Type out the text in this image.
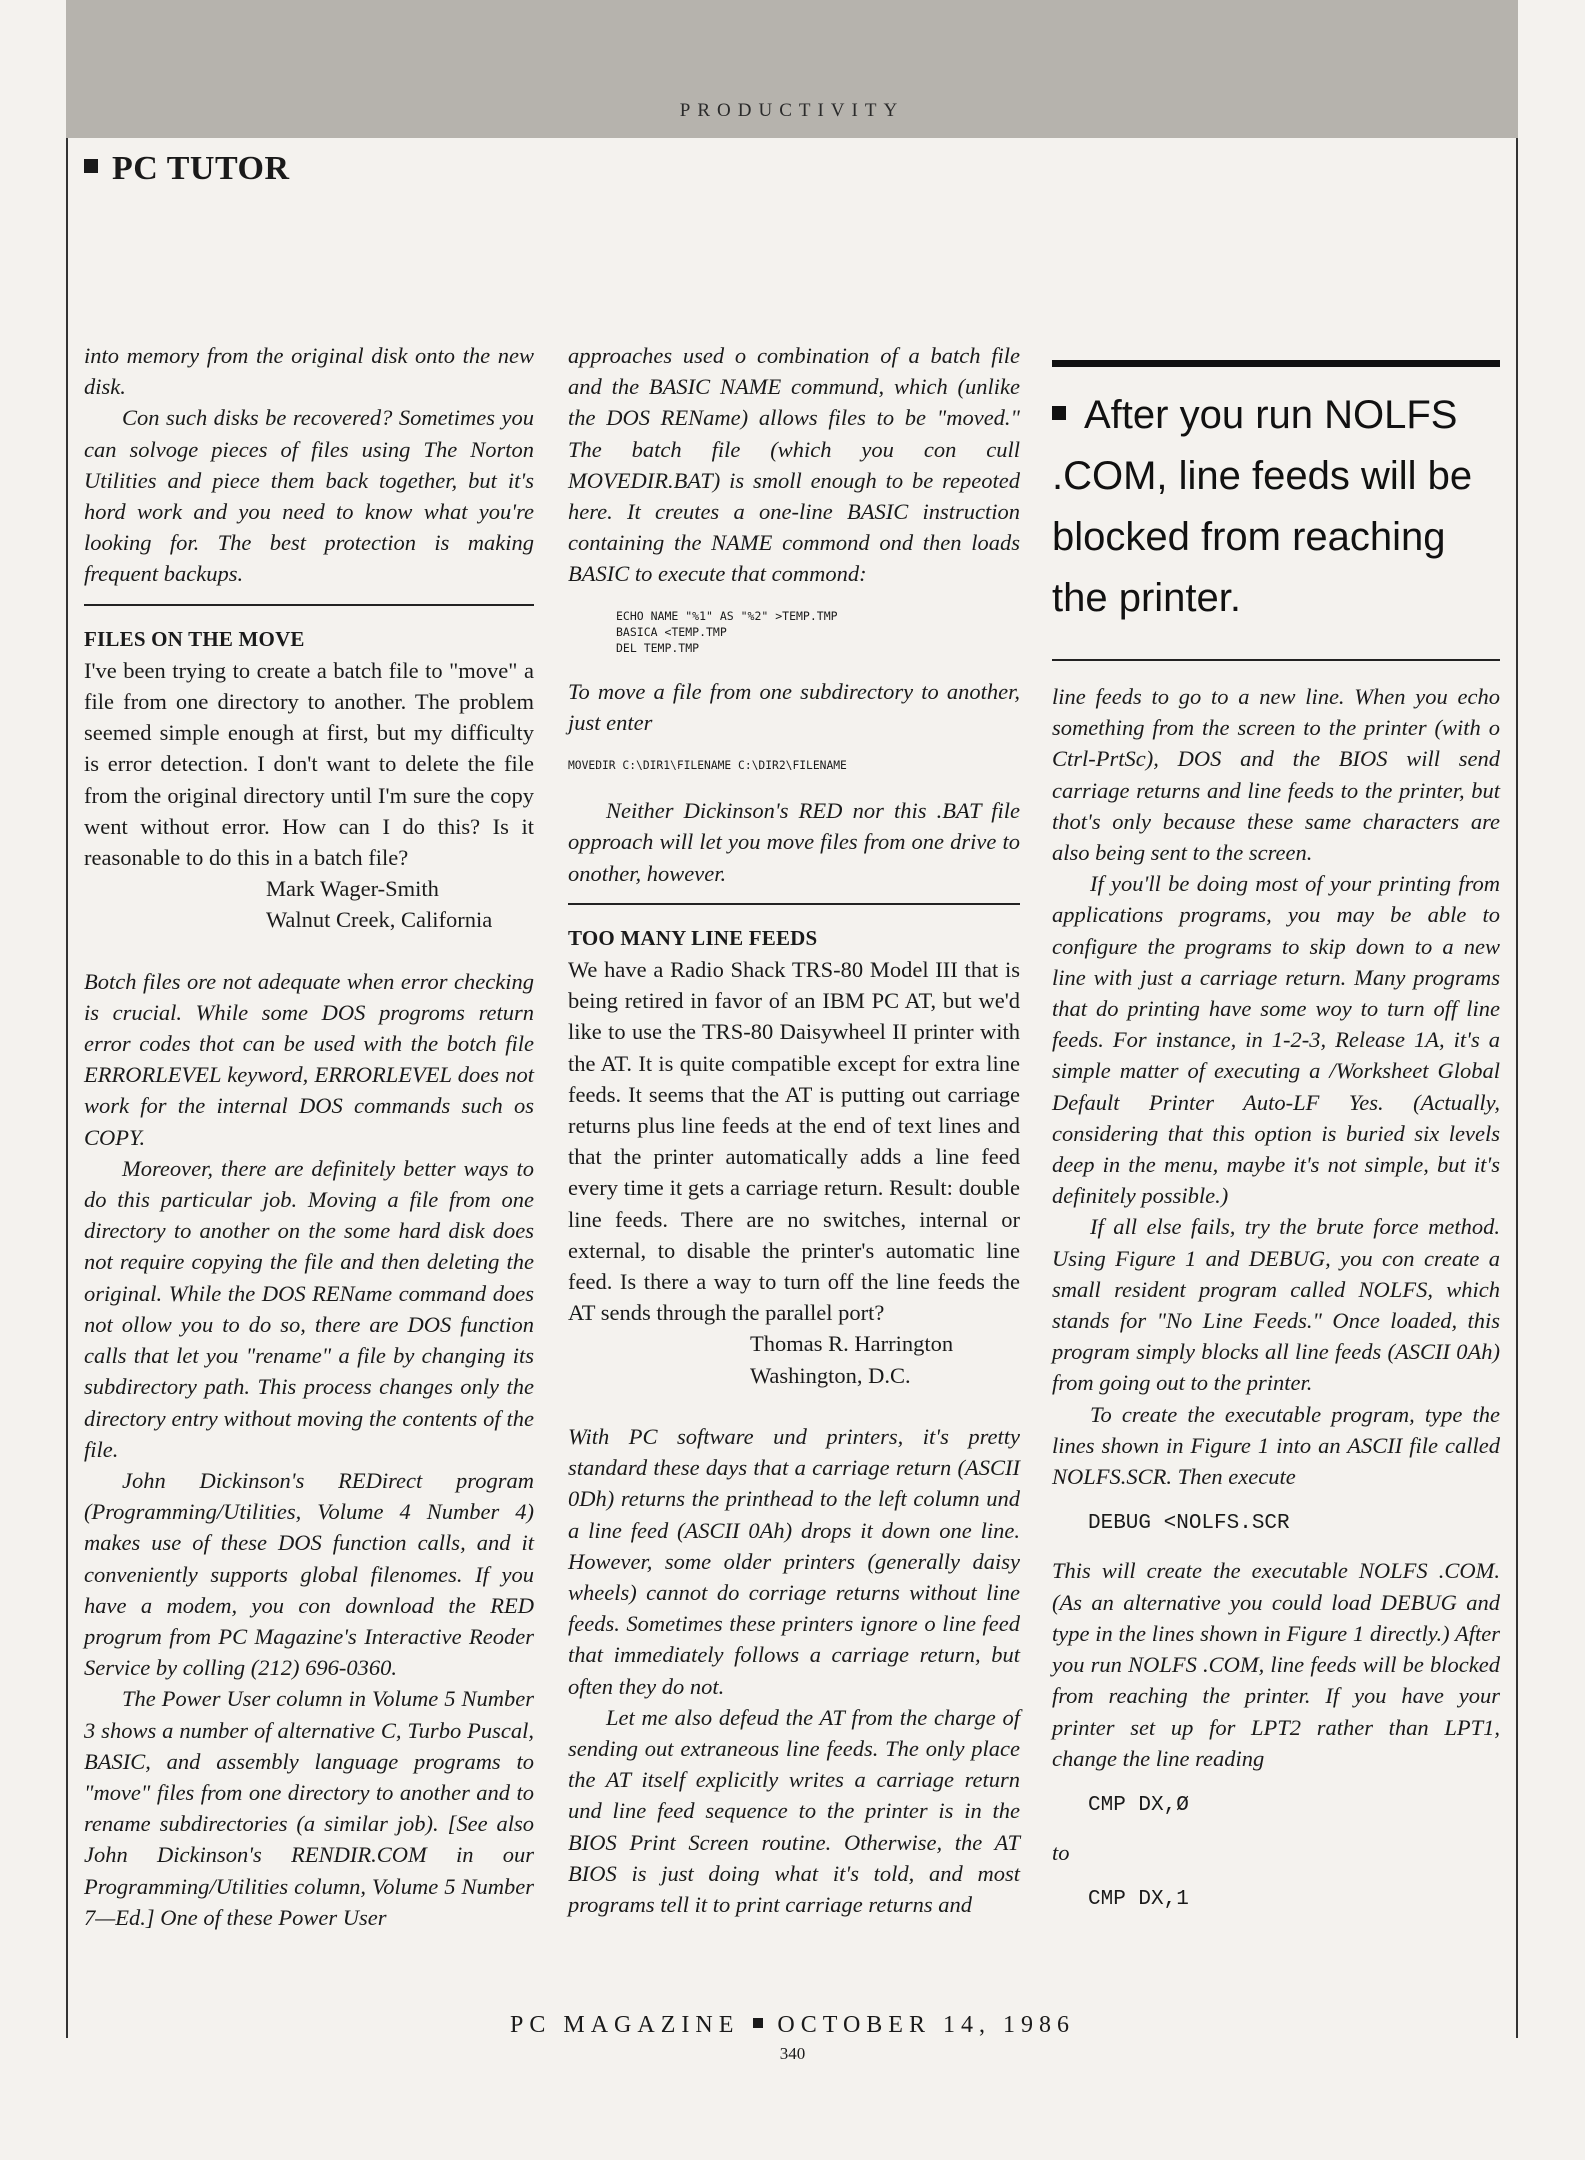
PRODUCTIVITY
PC TUTOR

into memory from the original disk onto the new disk.

Con such disks be recovered? Sometimes you can solvoge pieces of files using The Norton Utilities and piece them back together, but it's hord work and you need to know what you're looking for. The best protection is making frequent backups.

FILES ON THE MOVE

I've been trying to create a batch file to "move" a file from one directory to another. The problem seemed simple enough at first, but my difficulty is error detection. I don't want to delete the file from the original directory until I'm sure the copy went without error. How can I do this? Is it reasonable to do this in a batch file?

Mark Wager-Smith
Walnut Creek, California

Botch files ore not adequate when error checking is crucial. While some DOS progroms return error codes thot can be used with the botch file ERRORLEVEL keyword, ERRORLEVEL does not work for the internal DOS commands such os COPY.

Moreover, there are definitely better ways to do this particular job. Moving a file from one directory to another on the some hard disk does not require copying the file and then deleting the original. While the DOS REName command does not ollow you to do so, there are DOS function calls that let you "rename" a file by changing its subdirectory path. This process changes only the directory entry without moving the contents of the file.

John Dickinson's REDirect program (Programming/Utilities, Volume 4 Number 4) makes use of these DOS function calls, and it conveniently supports global filenomes. If you have a modem, you con download the RED progrum from PC Magazine's Interactive Reoder Service by colling (212) 696-0360.

The Power User column in Volume 5 Number 3 shows a number of alternative C, Turbo Puscal, BASIC, and assembly language programs to "move" files from one directory to another and to rename subdirectories (a similar job). [See also John Dickinson's RENDIR.COM in our Programming/Utilities column, Volume 5 Number 7—Ed.] One of these Power User

approaches used o combination of a batch file and the BASIC NAME commund, which (unlike the DOS REName) allows files to be "moved." The batch file (which you con cull MOVEDIR.BAT) is smoll enough to be repeoted here. It creutes a one-line BASIC instruction containing the NAME commond ond then loads BASIC to execute that commond:

ECHO NAME "%1" AS "%2" >TEMP.TMP
BASICA <TEMP.TMP
DEL TEMP.TMP

To move a file from one subdirectory to another, just enter

MOVEDIR C:\DIR1\FILENAME C:\DIR2\FILENAME

Neither Dickinson's RED nor this .BAT file opproach will let you move files from one drive to onother, however.

TOO MANY LINE FEEDS

We have a Radio Shack TRS-80 Model III that is being retired in favor of an IBM PC AT, but we'd like to use the TRS-80 Daisywheel II printer with the AT. It is quite compatible except for extra line feeds. It seems that the AT is putting out carriage returns plus line feeds at the end of text lines and that the printer automatically adds a line feed every time it gets a carriage return. Result: double line feeds. There are no switches, internal or external, to disable the printer's automatic line feed. Is there a way to turn off the line feeds the AT sends through the parallel port?

Thomas R. Harrington
Washington, D.C.

With PC software und printers, it's pretty standard these days that a carriage return (ASCII 0Dh) returns the printhead to the left column und a line feed (ASCII 0Ah) drops it down one line. However, some older printers (generally daisy wheels) cannot do corriage returns without line feeds. Sometimes these printers ignore o line feed that immediately follows a carriage return, but often they do not.

Let me also defeud the AT from the charge of sending out extraneous line feeds. The only place the AT itself explicitly writes a carriage return und line feed sequence to the printer is in the BIOS Print Screen routine. Otherwise, the AT BIOS is just doing what it's told, and most programs tell it to print carriage returns and

After you run NOLFS .COM, line feeds will be blocked from reaching the printer.

line feeds to go to a new line. When you echo something from the screen to the printer (with o Ctrl-PrtSc), DOS and the BIOS will send carriage returns and line feeds to the printer, but thot's only because these same characters are also being sent to the screen.

If you'll be doing most of your printing from applications programs, you may be able to configure the programs to skip down to a new line with just a carriage return. Many programs that do printing have some woy to turn off line feeds. For instance, in 1-2-3, Release 1A, it's a simple matter of executing a /Worksheet Global Default Printer Auto-LF Yes. (Actually, considering that this option is buried six levels deep in the menu, maybe it's not simple, but it's definitely possible.)

If all else fails, try the brute force method. Using Figure 1 and DEBUG, you con create a small resident program called NOLFS, which stands for "No Line Feeds." Once loaded, this program simply blocks all line feeds (ASCII 0Ah) from going out to the printer.

To create the executable program, type the lines shown in Figure 1 into an ASCII file called NOLFS.SCR. Then execute

DEBUG <NOLFS.SCR

This will create the executable NOLFS .COM. (As an alternative you could load DEBUG and type in the lines shown in Figure 1 directly.) After you run NOLFS .COM, line feeds will be blocked from reaching the printer. If you have your printer set up for LPT2 rather than LPT1, change the line reading

CMP DX,Ø

to

CMP DX,1
PC MAGAZINE OCTOBER 14, 1986
340
